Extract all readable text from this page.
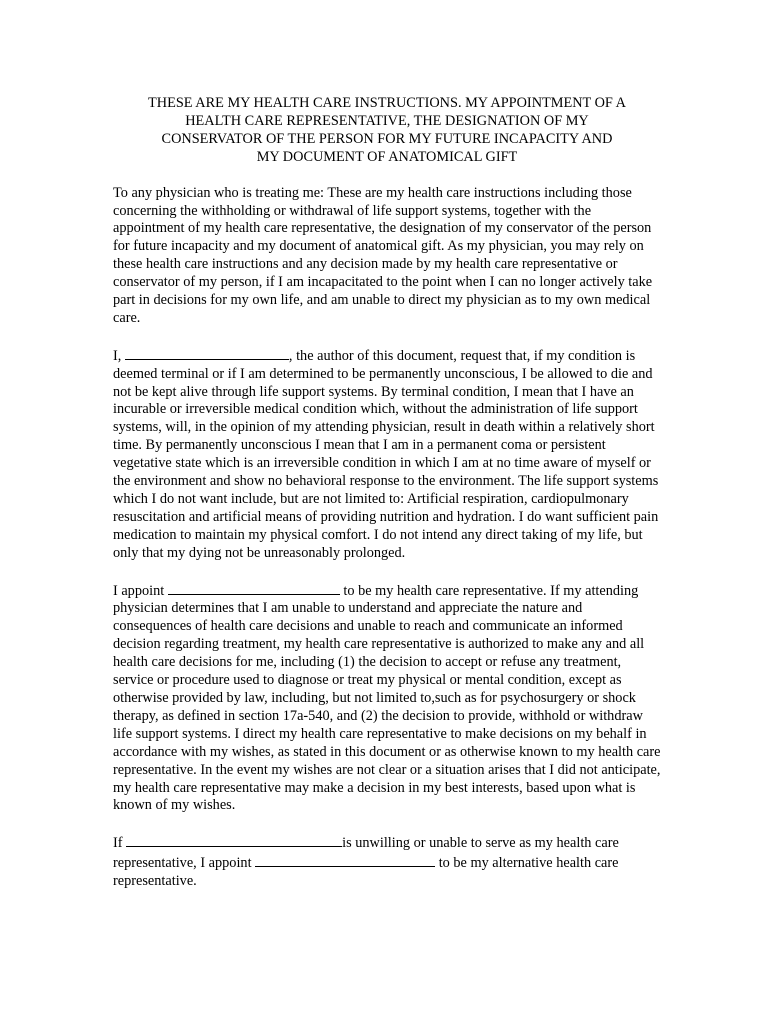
THESE ARE MY HEALTH CARE INSTRUCTIONS. MY APPOINTMENT OF A
HEALTH CARE REPRESENTATIVE, THE DESIGNATION OF MY
CONSERVATOR OF THE PERSON FOR MY FUTURE INCAPACITY AND
MY DOCUMENT OF ANATOMICAL GIFT

To any physician who is treating me: These are my health care instructions including those concerning the withholding or withdrawal of life support systems, together with the appointment of my health care representative, the designation of my conservator of the person for future incapacity and my document of anatomical gift. As my physician, you may rely on these health care instructions and any decision made by my health care representative or conservator of my person, if I am incapacitated to the point when I can no longer actively take part in decisions for my own life, and am unable to direct my physician as to my own medical care.

I,	, the author of this document, request that, if my condition is deemed terminal or if I am determined to be permanently unconscious, I be allowed to die and not be kept alive through life support systems. By terminal condition, I mean that I have an incurable or irreversible medical condition which, without the administration of life support systems, will, in the opinion of my attending physician, result in death within a relatively short time. By permanently unconscious I mean that I am in a permanent coma or persistent vegetative state which is an irreversible condition in which I am at no time aware of myself or the environment and show no behavioral response to the environment. The life support systems which I do not want include, but are not limited to: Artificial respiration, cardiopulmonary resuscitation and artificial means of providing nutrition and hydration. I do want sufficient pain medication to maintain my physical comfort. I do not intend any direct taking of my life, but only that my dying not be unreasonably prolonged.

I appoint	to be my health care representative. If my attending physician determines that I am unable to understand and appreciate the nature and consequences of health care decisions and unable to reach and communicate an informed decision regarding treatment, my health care representative is authorized to make any and all health care decisions for me, including (1) the decision to accept or refuse any treatment, service or procedure used to diagnose or treat my physical or mental condition, except as otherwise provided by law, including, but not limited to,such as for psychosurgery or shock therapy, as defined in section 17a-540, and (2) the decision to provide, withhold or withdraw life support systems. I direct my health care representative to make decisions on my behalf in accordance with my wishes, as stated in this document or as otherwise known to my health care representative. In the event my wishes are not clear or a situation arises that I did not anticipate, my health care representative may make a decision in my best interests, based upon what is known of my wishes.

If	is unwilling or unable to serve as my health care representative, I appoint	to be my alternative health care representative.
